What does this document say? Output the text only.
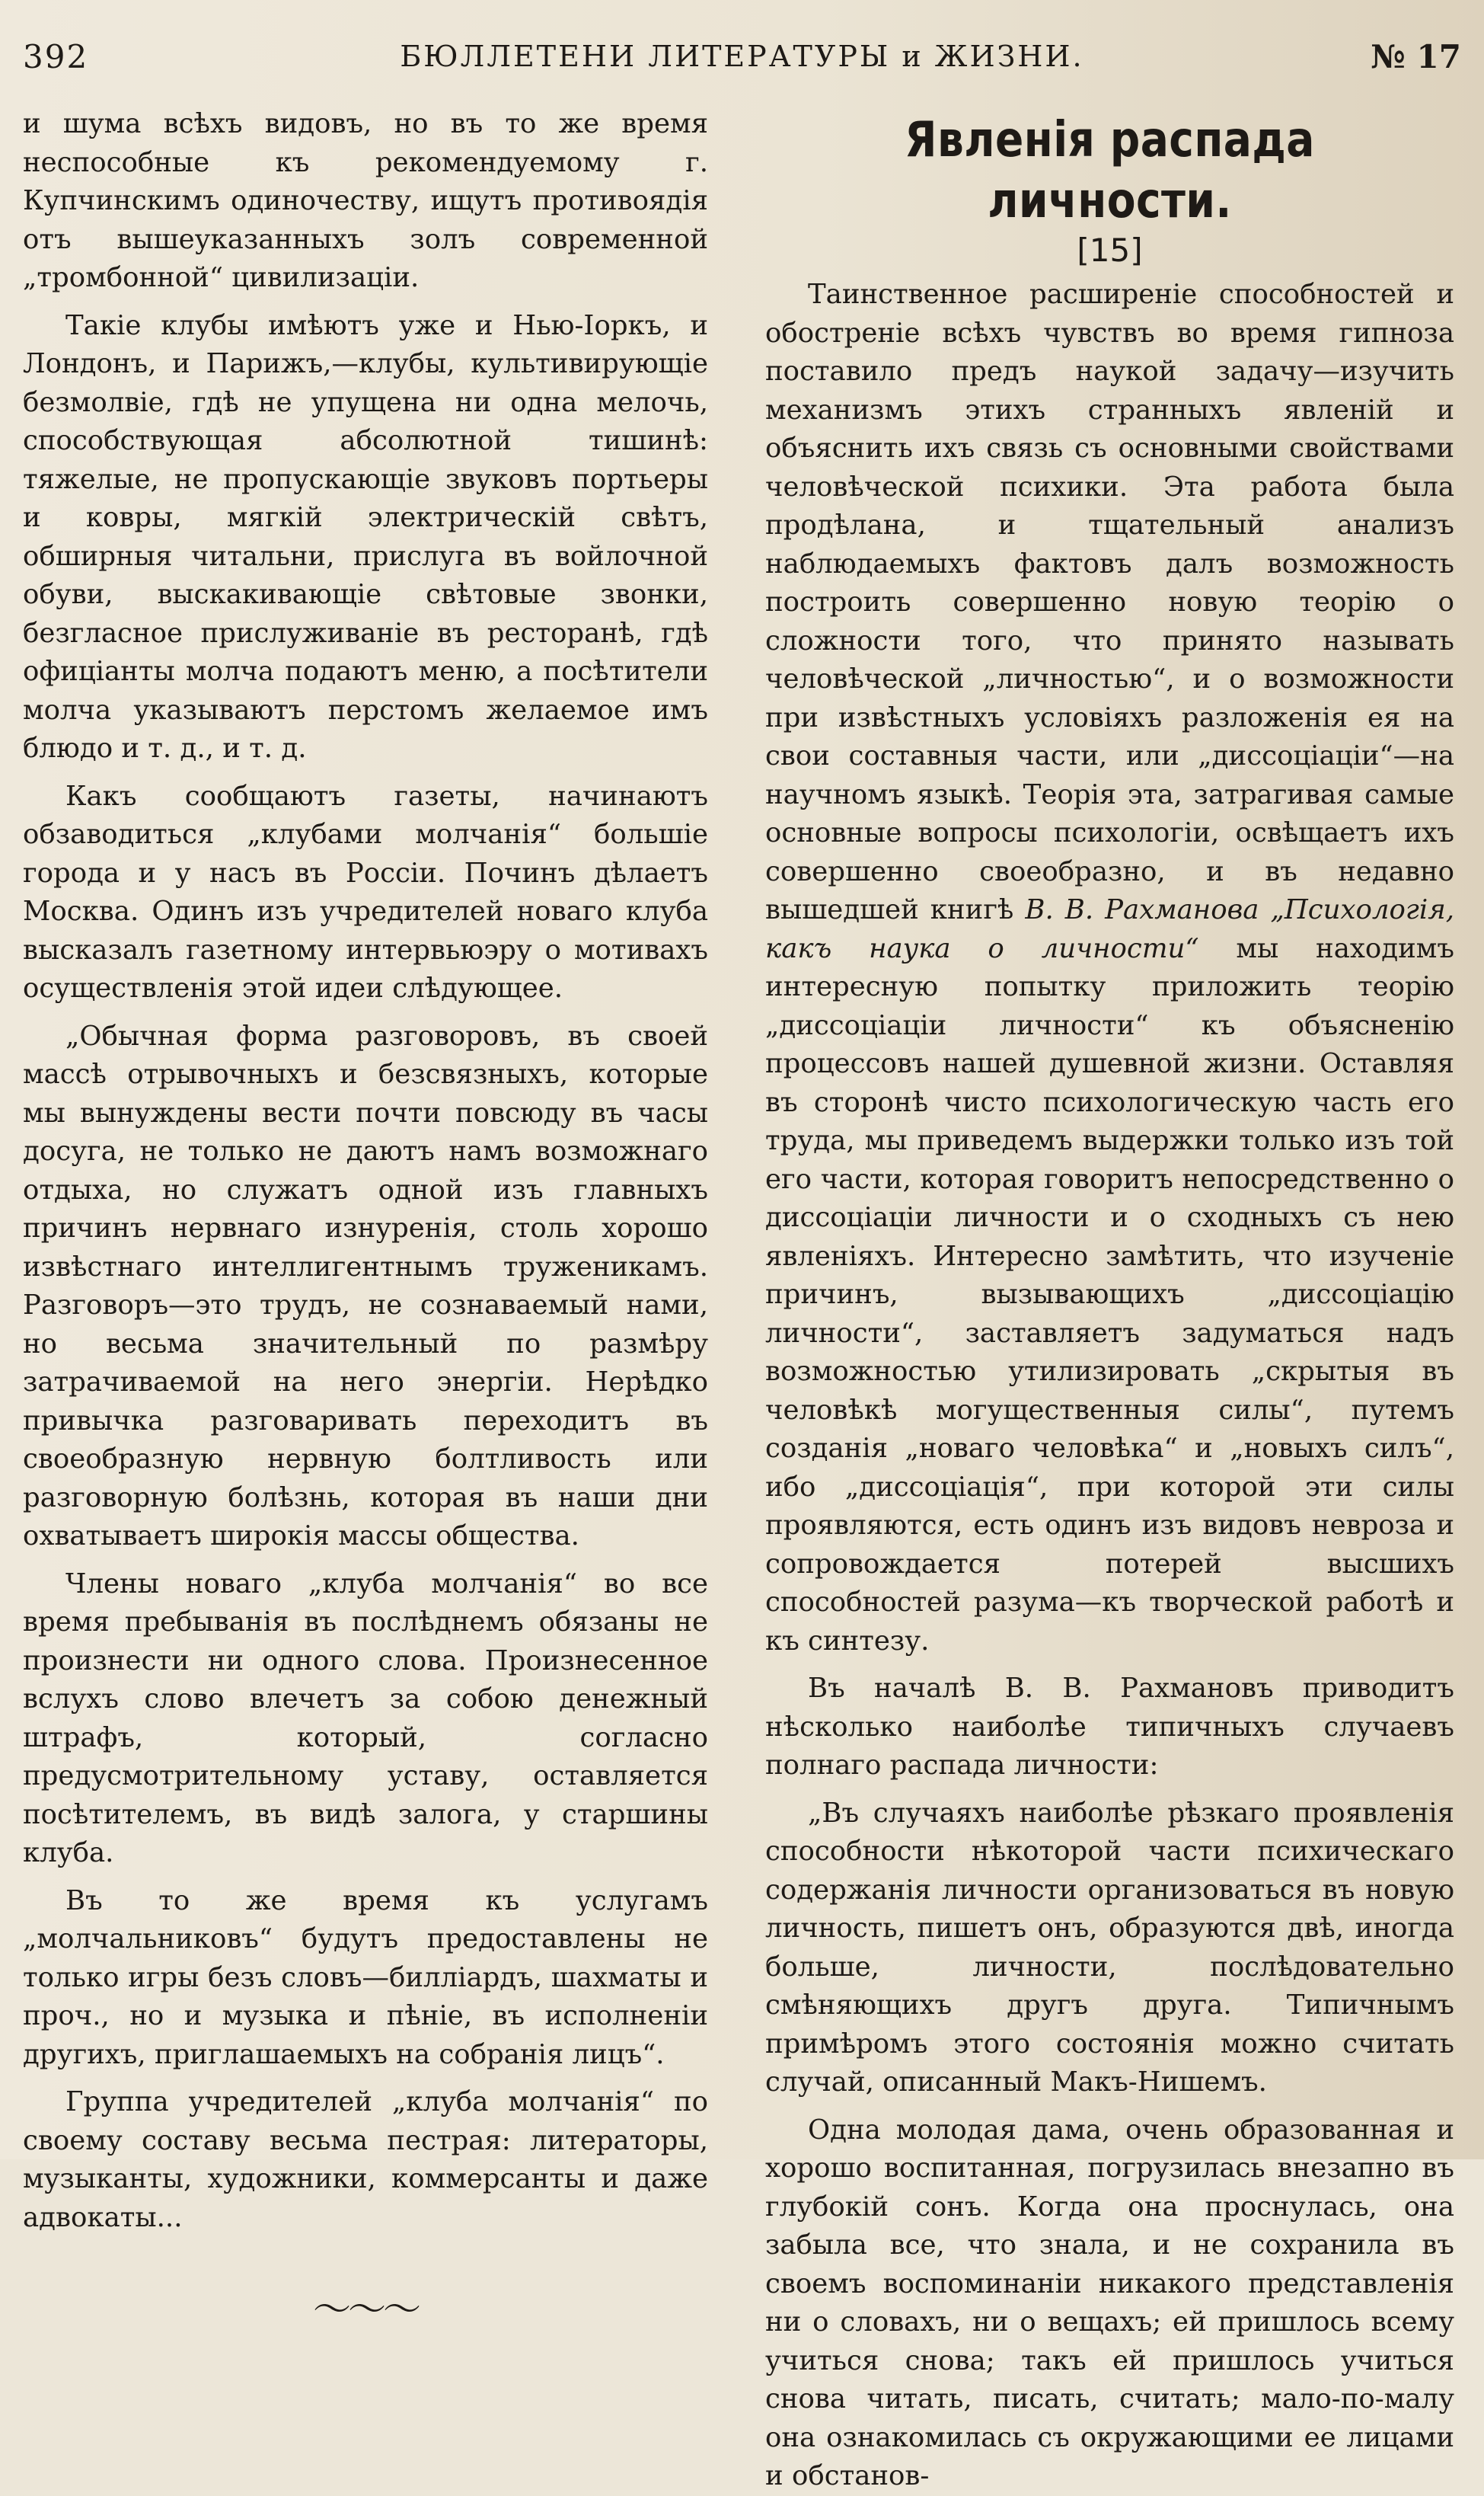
392	БЮЛЛЕТЕНИ ЛИТЕРАТУРЫ и ЖИЗНИ.	№ 17

и шума всѣхъ видовъ, но въ то же время неспособные къ рекомендуемому г. Купчинскимъ одиночеству, ищутъ противоядія отъ вышеуказанныхъ золъ современной „тромбонной“ цивилизаціи.

Такіе клубы имѣютъ уже и Нью-Іоркъ, и Лондонъ, и Парижъ,—клубы, культивирующіе безмолвіе, гдѣ не упущена ни одна мелочь, способствующая абсолютной тишинѣ: тяжелые, не пропускающіе звуковъ портьеры и ковры, мягкій электрическій свѣтъ, обширныя читальни, прислуга въ войлочной обуви, выскакивающіе свѣтовые звонки, безгласное прислуживаніе въ ресторанѣ, гдѣ офиціанты молча подаютъ меню, а посѣтители молча указываютъ перстомъ желаемое имъ блюдо и т. д., и т. д.

Какъ сообщаютъ газеты, начинаютъ обзаводиться „клубами молчанія“ большіе города и у насъ въ Россіи. Починъ дѣлаетъ Москва. Одинъ изъ учредителей новаго клуба высказалъ газетному интервьюэру о мотивахъ осуществленія этой идеи слѣдующее.

„Обычная форма разговоровъ, въ своей массѣ отрывочныхъ и безсвязныхъ, которые мы вынуждены вести почти повсюду въ часы досуга, не только не даютъ намъ возможнаго отдыха, но служатъ одной изъ главныхъ причинъ нервнаго изнуренія, столь хорошо извѣстнаго интеллигентнымъ труженикамъ. Разговоръ—это трудъ, не сознаваемый нами, но весьма значительный по размѣру затрачиваемой на него энергіи. Нерѣдко привычка разговаривать переходитъ въ своеобразную нервную болтливость или разговорную болѣзнь, которая въ наши дни охватываетъ широкія массы общества.

Члены новаго „клуба молчанія“ во все время пребыванія въ послѣднемъ обязаны не произнести ни одного слова. Произнесенное вслухъ слово влечетъ за собою денежный штрафъ, который, согласно предусмотрительному уставу, оставляется посѣтителемъ, въ видѣ залога, у старшины клуба.

Въ то же время къ услугамъ „молчальниковъ“ будутъ предоставлены не только игры безъ словъ—билліардъ, шахматы и проч., но и музыка и пѣніе, въ исполненіи другихъ, приглашаемыхъ на собранія лицъ“.

Группа учредителей „клуба молчанія“ по своему составу весьма пестрая: литераторы, музыканты, художники, коммерсанты и даже адвокаты...

〜〜〜
Явленія распада личности.
[ 15 ]

Таинственное расширеніе способностей и обостреніе всѣхъ чувствъ во время гипноза поставило предъ наукой задачу—изучить механизмъ этихъ странныхъ явленій и объяснить ихъ связь съ основными свойствами человѣческой психики. Эта работа была продѣлана, и тщательный анализъ наблюдаемыхъ фактовъ далъ возможность построить совершенно новую теорію о сложности того, что принято называть человѣческой „личностью“, и о возможности при извѣстныхъ условіяхъ разложенія ея на свои составныя части, или „диссоціаціи“—на научномъ языкѣ. Теорія эта, затрагивая самые основные вопросы психологіи, освѣщаетъ ихъ совершенно своеобразно, и въ недавно вышедшей книгѣ В. В. Рахманова „Психологія, какъ наука о личности“ мы находимъ интересную попытку приложить теорію „диссоціаціи личности“ къ объясненію процессовъ нашей душевной жизни. Оставляя въ сторонѣ чисто психологическую часть его труда, мы приведемъ выдержки только изъ той его части, которая говоритъ непосредственно о диссоціаціи личности и о сходныхъ съ нею явленіяхъ. Интересно замѣтить, что изученіе причинъ, вызывающихъ „диссоціацію личности“, заставляетъ задуматься надъ возможностью утилизировать „скрытыя въ человѣкѣ могущественныя силы“, путемъ созданія „новаго человѣка“ и „новыхъ силъ“, ибо „диссоціація“, при которой эти силы проявляются, есть одинъ изъ видовъ невроза и сопровождается потерей высшихъ способностей разума—къ творческой работѣ и къ синтезу.

Въ началѣ В. В. Рахмановъ приводитъ нѣсколько наиболѣе типичныхъ случаевъ полнаго распада личности:

„Въ случаяхъ наиболѣе рѣзкаго проявленія способности нѣкоторой части психическаго содержанія личности организоваться въ новую личность, пишетъ онъ, образуются двѣ, иногда больше, личности, послѣдовательно смѣняющихъ другъ друга. Типичнымъ примѣромъ этого состоянія можно считать случай, описанный Макъ-Нишемъ.

Одна молодая дама, очень образованная и хорошо воспитанная, погрузилась внезапно въ глубокій сонъ. Когда она проснулась, она забыла все, что знала, и не сохранила въ своемъ воспоминаніи никакого представленія ни о словахъ, ни о вещахъ; ей пришлось всему учиться снова; такъ ей пришлось учиться снова читать, писать, считать; мало-по-малу она ознакомилась съ окружающими ее лицами и обстанов-
